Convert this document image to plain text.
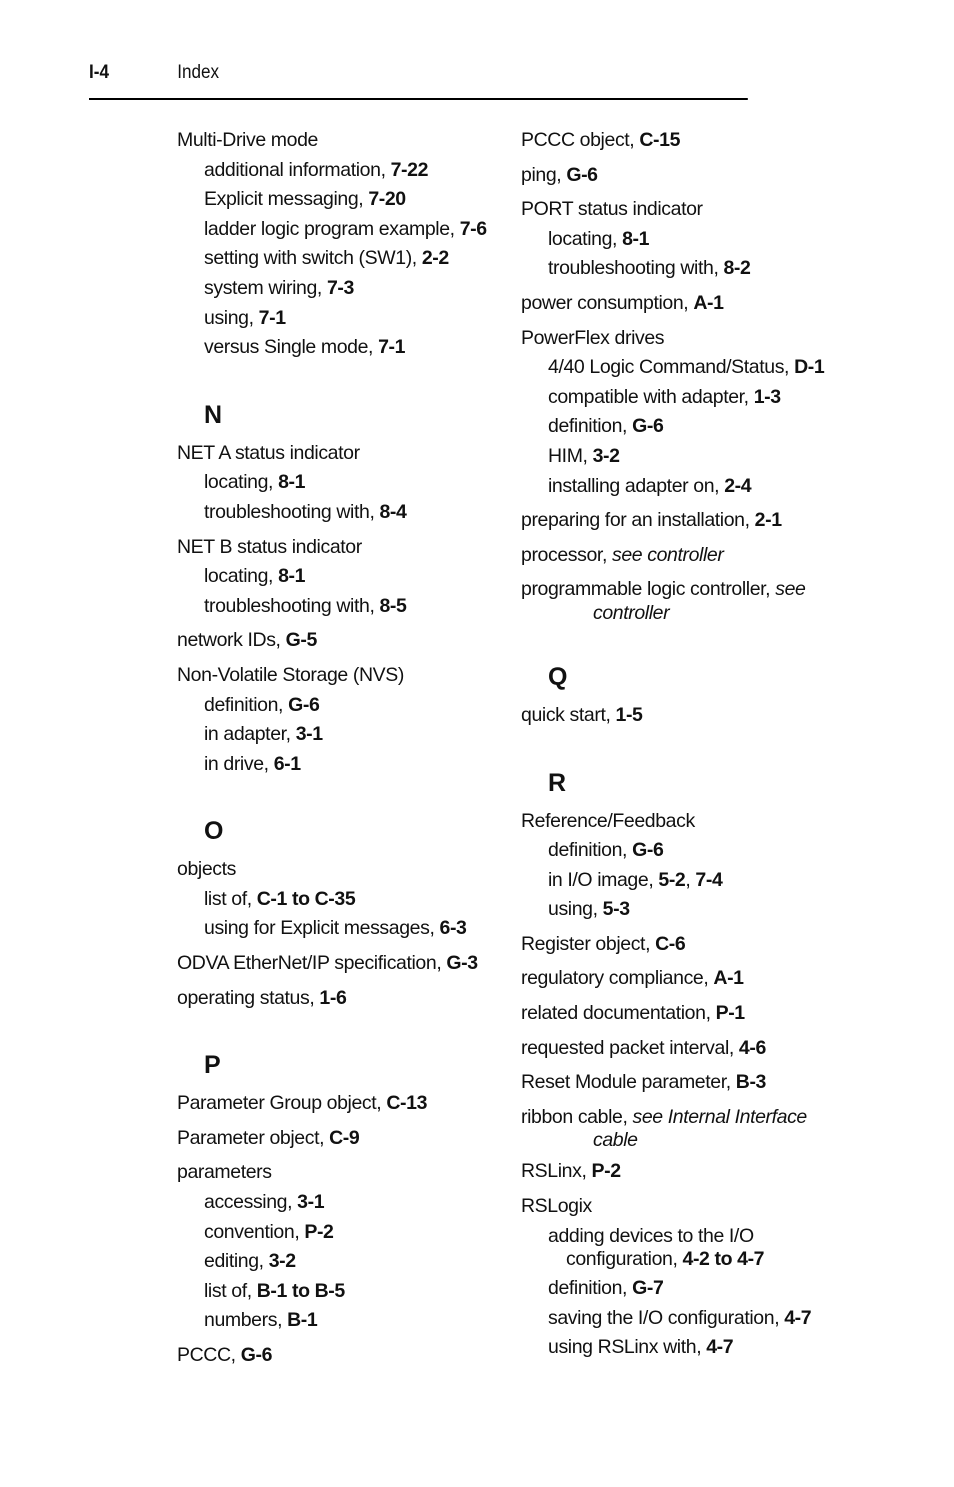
I-4	Index
Multi-Drive mode
additional information, 7-22
Explicit messaging, 7-20
ladder logic program example, 7-6
setting with switch (SW1), 2-2
system wiring, 7-3
using, 7-1
versus Single mode, 7-1
N
NET A status indicator
locating, 8-1
troubleshooting with, 8-4
NET B status indicator
locating, 8-1
troubleshooting with, 8-5
network IDs, G-5
Non-Volatile Storage (NVS)
definition, G-6
in adapter, 3-1
in drive, 6-1
O
objects
list of, C-1 to C-35
using for Explicit messages, 6-3
ODVA EtherNet/IP specification, G-3
operating status, 1-6
P
Parameter Group object, C-13
Parameter object, C-9
parameters
accessing, 3-1
convention, P-2
editing, 3-2
list of, B-1 to B-5
numbers, B-1
PCCC, G-6
PCCC object, C-15
ping, G-6
PORT status indicator
locating, 8-1
troubleshooting with, 8-2
power consumption, A-1
PowerFlex drives
4/40 Logic Command/Status, D-1
compatible with adapter, 1-3
definition, G-6
HIM, 3-2
installing adapter on, 2-4
preparing for an installation, 2-1
processor, see controller
programmable logic controller, see
controller
Q
quick start, 1-5
R
Reference/Feedback
definition, G-6
in I/O image, 5-2, 7-4
using, 5-3
Register object, C-6
regulatory compliance, A-1
related documentation, P-1
requested packet interval, 4-6
Reset Module parameter, B-3
ribbon cable, see Internal Interface
cable
RSLinx, P-2
RSLogix
adding devices to the I/O
configuration, 4-2 to 4-7
definition, G-7
saving the I/O configuration, 4-7
using RSLinx with, 4-7
